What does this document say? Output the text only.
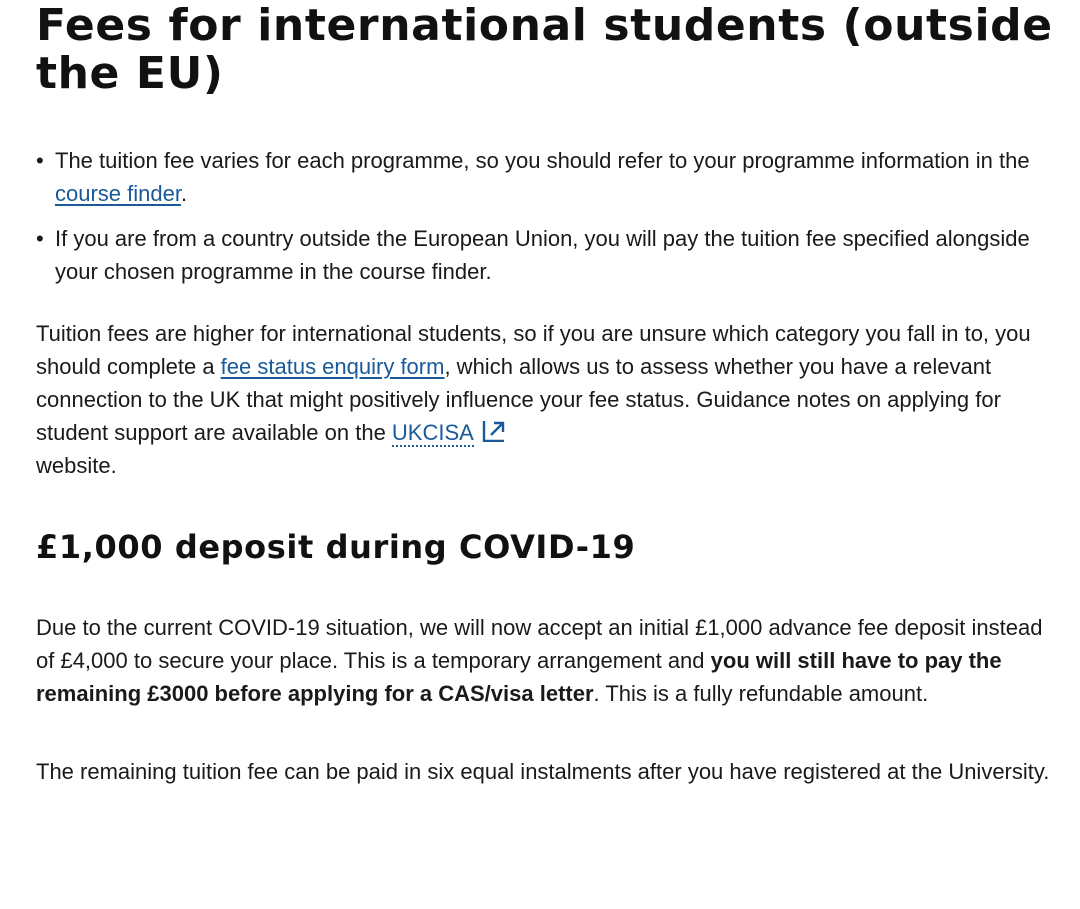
Fees for international students (outside the EU)
• The tuition fee varies for each programme, so you should refer to your programme information in the course finder.
• If you are from a country outside the European Union, you will pay the tuition fee specified alongside your chosen programme in the course finder.

Tuition fees are higher for international students, so if you are unsure which category you fall in to, you should complete a fee status enquiry form, which allows us to assess whether you have a relevant connection to the UK that might positively influence your fee status. Guidance notes on applying for student support are available on the UKCISA
website.

£1,000 deposit during COVID-19

Due to the current COVID-19 situation, we will now accept an initial £1,000 advance fee deposit instead of £4,000 to secure your place. This is a temporary arrangement and you will still have to pay the remaining £3000 before applying for a CAS/visa letter. This is a fully refundable amount.

The remaining tuition fee can be paid in six equal instalments after you have registered at the University.
